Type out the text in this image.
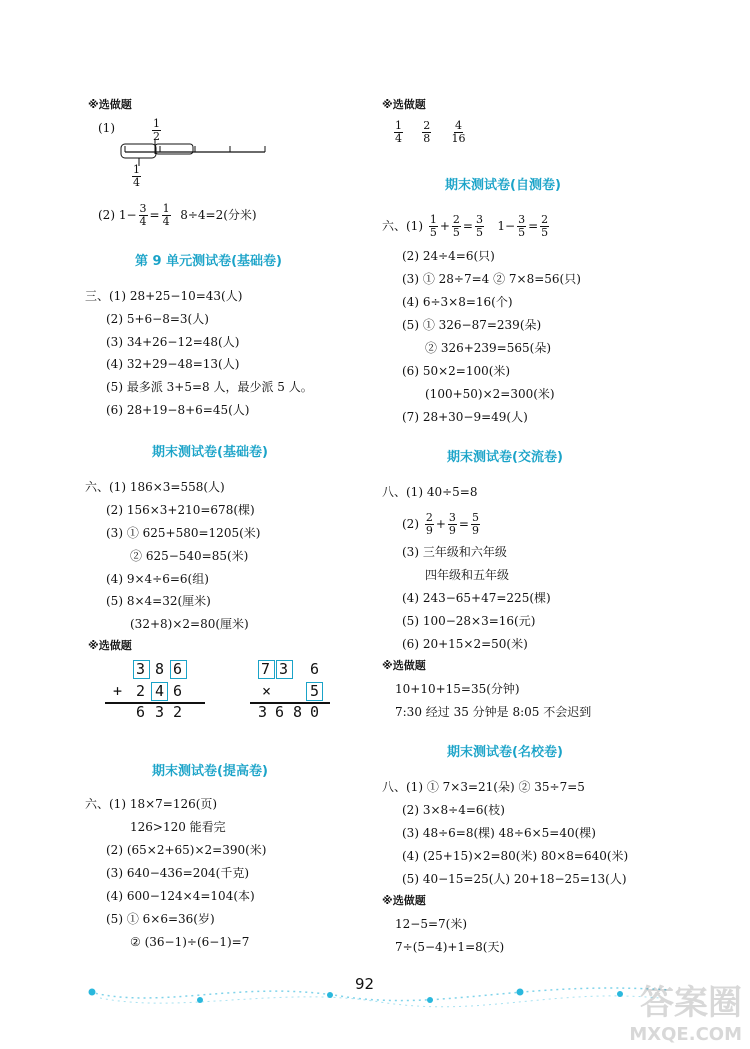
※选做题
(1)	$\frac{1}{2}$
$\frac{1}{4}$
(2) $1- \frac{3}{4} = \frac{1}{4} 8\div 4=2$(分米)
第 9 单元测试卷(基础卷)
三、(1) 28+25−10=43(人)
(2) 5+6−8=3(人)
(3) 34+26−12=48(人)
(4) 32+29−48=13(人)
(5) 最多派 3+5=8 人，最少派 5 人。
(6) 28+19−8+6=45(人)
期末测试卷(基础卷)
六、(1) 186×3=558(人)
(2) 156×3+210=678(棵)
(3) ① 625+580=1205(米)
② 625−540=85(米)
(4) 9×4÷6=6(组)
(5) 8×4=32(厘米)
(32+8)×2=80(厘米)
※选做题
3 8 6
+ 2 4 6
6 3 2
7 3 6
×	5
3 6 8 0
期末测试卷(提高卷)
六、(1) 18×7=126(页)
126>120 能看完
(2) (65×2+65)×2=390(米)
(3) 640−436=204(千克)
(4) 600−124×4=104(本)
(5) ① 6×6=36(岁)
② (36−1)÷(6−1)=7
※选做题
$\frac{1}{4}$
$\frac{2}{8}$
$\frac{4}{16}$
期末测试卷(自测卷)
六、$(1) \frac{1}{5} + \frac{2}{5} = \frac{3}{5} 1- \frac{3}{5} = \frac{2}{5}$
(2) 24÷4=6(只)
(3) ① 28÷7=4 ② 7×8=56(只)
(4) 6÷3×8=16(个)
(5) ① 326−87=239(朵)
② 326+239=565(朵)
(6) 50×2=100(米)
(100+50)×2=300(米)
(7) 28+30−9=49(人)
期末测试卷(交流卷)
八、(1) 40÷5=8
$(2) \frac{2}{9} + \frac{3}{9} = \frac{5}{9}$
(3) 三年级和六年级
四年级和五年级
(4) 243−65+47=225(棵)
(5) 100−28×3=16(元)
(6) 20+15×2=50(米)
※选做题
10+10+15=35(分钟)
7:30 经过 35 分钟是 8:05 不会迟到
期末测试卷(名校卷)
八、(1) ① 7×3=21(朵) ② 35÷7=5
(2) 3×8÷4=6(枝)
(3) 48÷6=8(棵) 48÷6×5=40(棵)
(4) (25+15)×2=80(米) 80×8=640(米)
(5) 40−15=25(人) 20+18−25=13(人)
※选做题
12−5=7(米)
7÷(5−4)+1=8(天)
92	答案圈
MXQE.COM
